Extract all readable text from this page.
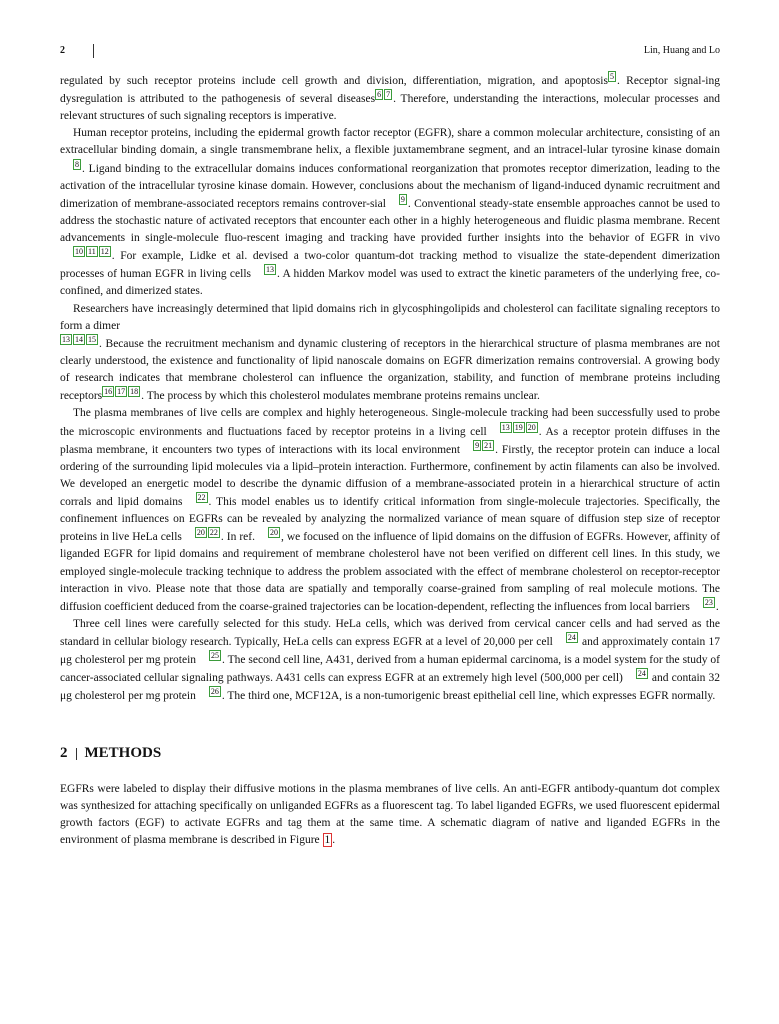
2	Lin, Huang and Lo

regulated by such receptor proteins include cell growth and division, differentiation, migration, and apoptosis 5 . Receptor signal-ing dysregulation is attributed to the pathogenesis of several diseases 6 7 . Therefore, understanding the interactions, molecular processes and relevant structures of such signaling receptors is imperative.

Human receptor proteins, including the epidermal growth factor receptor (EGFR), share a common molecular architecture, consisting of an extracellular binding domain, a single transmembrane helix, a flexible juxtamembrane segment, and an intracel-lular tyrosine kinase domain8 . Ligand binding to the extracellular domains induces conformational reorganization that promotes receptor dimerization, leading to the activation of the intracellular tyrosine kinase domain. However, conclusions about the mechanism of ligand-induced dynamic recruitment and dimerization of membrane-associated receptors remains controver-sial 9 . Conventional steady-state ensemble approaches cannot be used to address the stochastic nature of activated receptors that encounter each other in a highly heterogeneous and fluidic plasma membrane. Recent advancements in single-molecule fluo-rescent imaging and tracking have provided further insights into the behavior of EGFR in vivo10 11 12 . For example, Lidke et al. devised a two-color quantum-dot tracking method to visualize the state-dependent dimerization processes of human EGFR in living cells 13 . A hidden Markov model was used to extract the kinetic parameters of the underlying free, co-confined, and dimerized states.

Researchers have increasingly determined that lipid domains rich in glycosphingolipids and cholesterol can facilitate signaling receptors to form a dimer

13 14 15 . Because the recruitment mechanism and dynamic clustering of receptors in the hierarchical structure of plasma membranes are not clearly understood, the existence and functionality of lipid nanoscale domains on EGFR dimerization remains controversial. A growing body of research indicates that membrane cholesterol can influence the organization, stability, and function of membrane proteins including receptors 16 17 18 . The process by which this cholesterol modulates membrane proteins remains unclear.

The plasma membranes of live cells are complex and highly heterogeneous. Single-molecule tracking had been successfully used to probe the microscopic environments and fluctuations faced by receptor proteins in a living cell 13 19 20 . As a receptor protein diffuses in the plasma membrane, it encounters two types of interactions with its local environment 9 21 . Firstly, the receptor protein can induce a local ordering of the surrounding lipid molecules via a lipid–protein interaction. Furthermore, confinement by actin filaments can also be involved. We developed an energetic model to describe the dynamic diffusion of a membrane-associated protein in a hierarchical structure of actin corrals and lipid domains 22 . This model enables us to identify critical information from single-molecule trajectories. Specifically, the confinement influences on EGFRs can be revealed by analyzing the normalized variance of mean square of diffusion step size of receptor proteins in live HeLa cells 20 22 . In ref. 20 , we focused on the influence of lipid domains on the diffusion of EGFRs. However, affinity of liganded EGFR for lipid domains and requirement of membrane cholesterol have not been verified on different cell lines. In this study, we employed single-molecule tracking technique to address the problem associated with the effect of membrane cholesterol on receptor-receptor interaction in vivo. Please note that those data are spatially and temporally coarse-grained from sampling of real molecule motions. The diffusion coefficient deduced from the coarse-grained trajectories can be location-dependent, reflecting the influences from local barriers 23 .

Three cell lines were carefully selected for this study. HeLa cells, which was derived from cervical cancer cells and had served as the standard in cellular biology research. Typically, HeLa cells can express EGFR at a level of 20,000 per cell 24 and approximately contain 17 μg cholesterol per mg protein 25 . The second cell line, A431, derived from a human epidermal carcinoma, is a model system for the study of cancer-associated cellular signaling pathways. A431 cells can express EGFR at an extremely high level (500,000 per cell) 24 and contain 32 μg cholesterol per mg protein 26 . The third one, MCF12A, is a non-tumorigenic breast epithelial cell line, which expresses EGFR normally.

2 METHODS

EGFRs were labeled to display their diffusive motions in the plasma membranes of live cells. An anti-EGFR antibody-quantum dot complex was synthesized for attaching specifically on unliganded EGFRs as a fluorescent tag. To label liganded EGFRs, we used fluorescent epidermal growth factors (EGF) to activate EGFRs and tag them at the same time. A schematic diagram of native and liganded EGFRs in the environment of plasma membrane is described in Figure 1 .
